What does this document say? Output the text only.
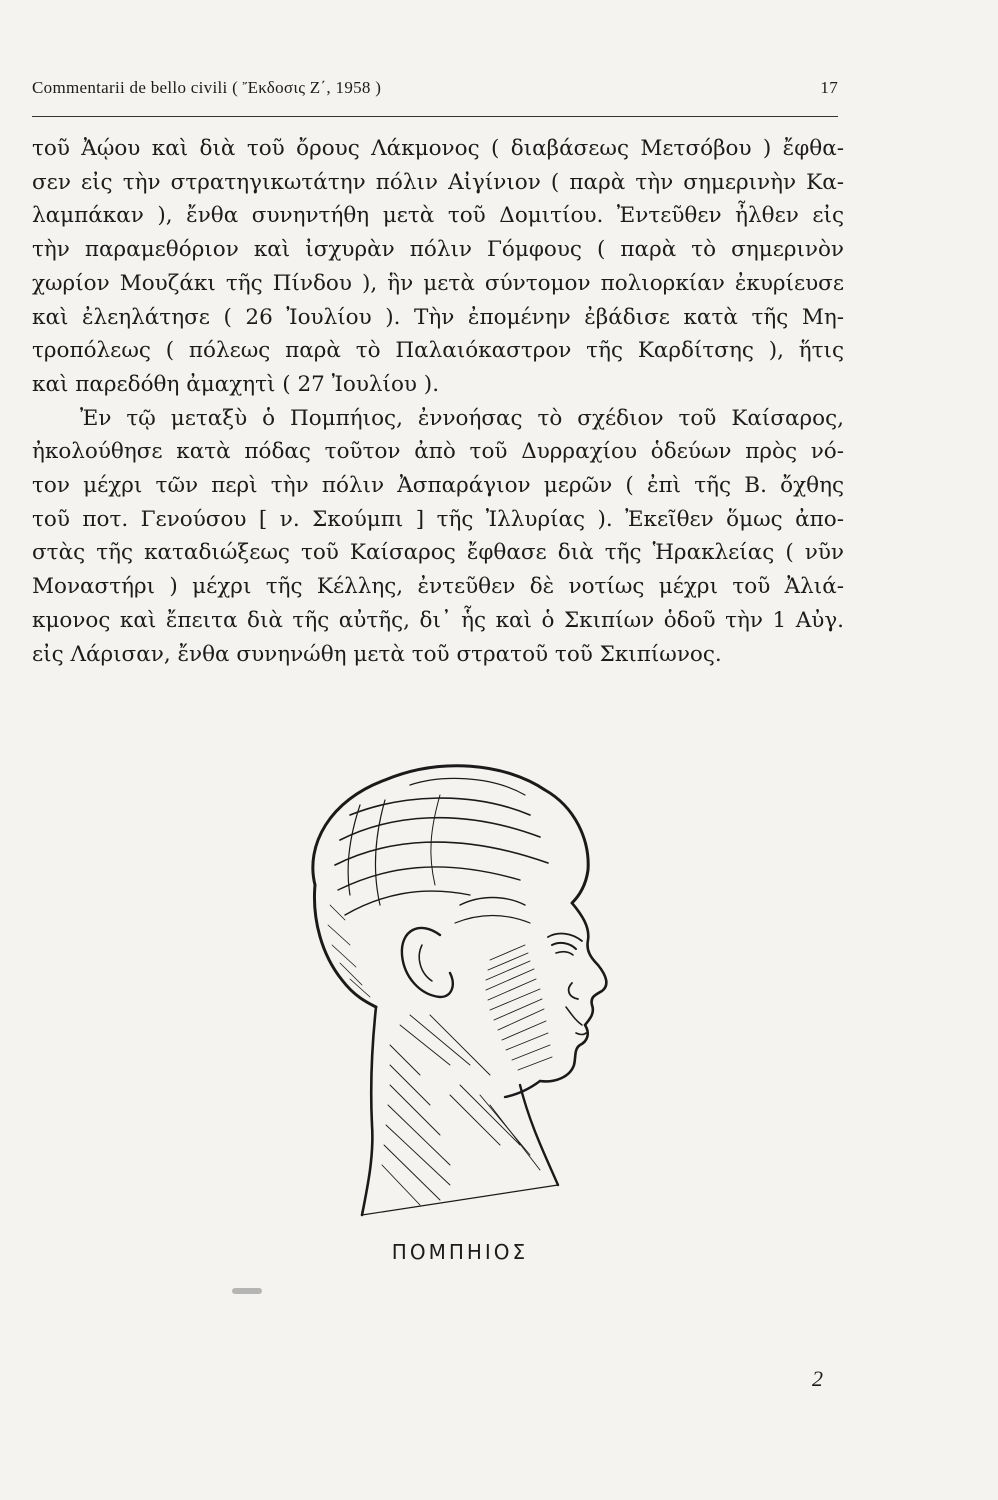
Commentarii de bello civili ( Ἔκδοσις Ζ΄, 1958 )	17
τοῦ Ἀῴου καὶ διὰ τοῦ ὄρους Λάκμονος ( διαβάσεως Μετσόβου ) ἔφθα-
σεν εἰς τὴν στρατηγικωτάτην πόλιν Αἰγίνιον ( παρὰ τὴν σημερινὴν Κα-
λαμπάκαν ), ἔνθα συνηντήθη μετὰ τοῦ Δομιτίου. Ἐντεῦθεν ἦλθεν εἰς
τὴν παραμεθόριον καὶ ἰσχυρὰν πόλιν Γόμφους ( παρὰ τὸ σημερινὸν
χωρίον Μουζάκι τῆς Πίνδου ), ἣν μετὰ σύντομον πολιορκίαν ἐκυρίευσε
καὶ ἐλεηλάτησε ( 26 Ἰουλίου ). Τὴν ἐπομένην ἐβάδισε κατὰ τῆς Μη-
τροπόλεως ( πόλεως παρὰ τὸ Παλαιόκαστρον τῆς Καρδίτσης ), ἥτις
καὶ παρεδόθη ἀμαχητὶ ( 27 Ἰουλίου ).
Ἐν τῷ μεταξὺ ὁ Πομπήιος, ἐννοήσας τὸ σχέδιον τοῦ Καίσαρος,
ἠκολούθησε κατὰ πόδας τοῦτον ἀπὸ τοῦ Δυρραχίου ὁδεύων πρὸς νό-
τον μέχρι τῶν περὶ τὴν πόλιν Ἀσπαράγιον μερῶν ( ἐπὶ τῆς Β. ὄχθης
τοῦ ποτ. Γενούσου [ ν. Σκούμπι ] τῆς Ἰλλυρίας ). Ἐκεῖθεν ὅμως ἀπο-
στὰς τῆς καταδιώξεως τοῦ Καίσαρος ἔφθασε διὰ τῆς Ἡρακλείας ( νῦν
Μοναστήρι ) μέχρι τῆς Κέλλης, ἐντεῦθεν δὲ νοτίως μέχρι τοῦ Ἀλιά-
κμονος καὶ ἔπειτα διὰ τῆς αὐτῆς, δι᾽ ἧς καὶ ὁ Σκιπίων ὁδοῦ τὴν 1 Αὐγ.
εἰς Λάρισαν, ἔνθα συνηνώθη μετὰ τοῦ στρατοῦ τοῦ Σκιπίωνος.
ΠΟΜΠΗΙΟΣ
2
